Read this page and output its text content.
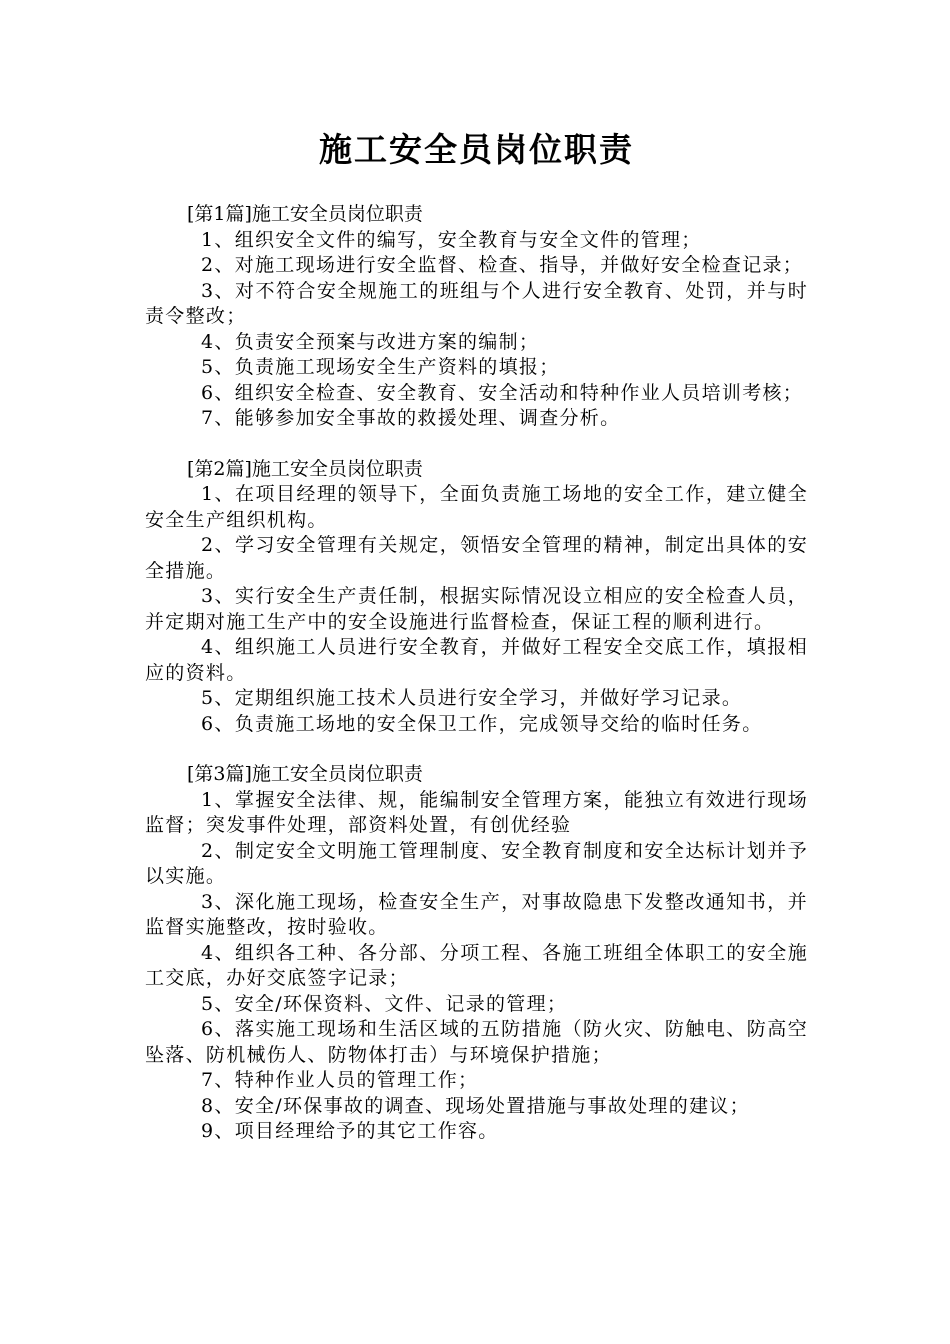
施工安全员岗位职责

[第1篇]施工安全员岗位职责

1、组织安全文件的编写，安全教育与安全文件的管理；

2、对施工现场进行安全监督、检查、指导，并做好安全检查记录；

3、对不符合安全规施工的班组与个人进行安全教育、处罚，并与时责令整改；

4、负责安全预案与改进方案的编制；

5、负责施工现场安全生产资料的填报；

6、组织安全检查、安全教育、安全活动和特种作业人员培训考核；

7、能够参加安全事故的救援处理、调查分析。

[第2篇]施工安全员岗位职责

1、在项目经理的领导下，全面负责施工场地的安全工作，建立健全安全生产组织机构。

2、学习安全管理有关规定，领悟安全管理的精神，制定出具体的安全措施。

3、实行安全生产责任制，根据实际情况设立相应的安全检查人员，并定期对施工生产中的安全设施进行监督检查，保证工程的顺利进行。

4、组织施工人员进行安全教育，并做好工程安全交底工作，填报相应的资料。

5、定期组织施工技术人员进行安全学习，并做好学习记录。

6、负责施工场地的安全保卫工作，完成领导交给的临时任务。

[第3篇]施工安全员岗位职责

1、掌握安全法律、规，能编制安全管理方案，能独立有效进行现场监督；突发事件处理，部资料处置，有创优经验

2、制定安全文明施工管理制度、安全教育制度和安全达标计划并予以实施。

3、深化施工现场，检查安全生产，对事故隐患下发整改通知书，并监督实施整改，按时验收。

4、组织各工种、各分部、分项工程、各施工班组全体职工的安全施工交底，办好交底签字记录；

5、安全/环保资料、文件、记录的管理；

6、落实施工现场和生活区域的五防措施（防火灾、防触电、防高空坠落、防机械伤人、防物体打击）与环境保护措施；

7、特种作业人员的管理工作；

8、安全/环保事故的调查、现场处置措施与事故处理的建议；

9、项目经理给予的其它工作容。
